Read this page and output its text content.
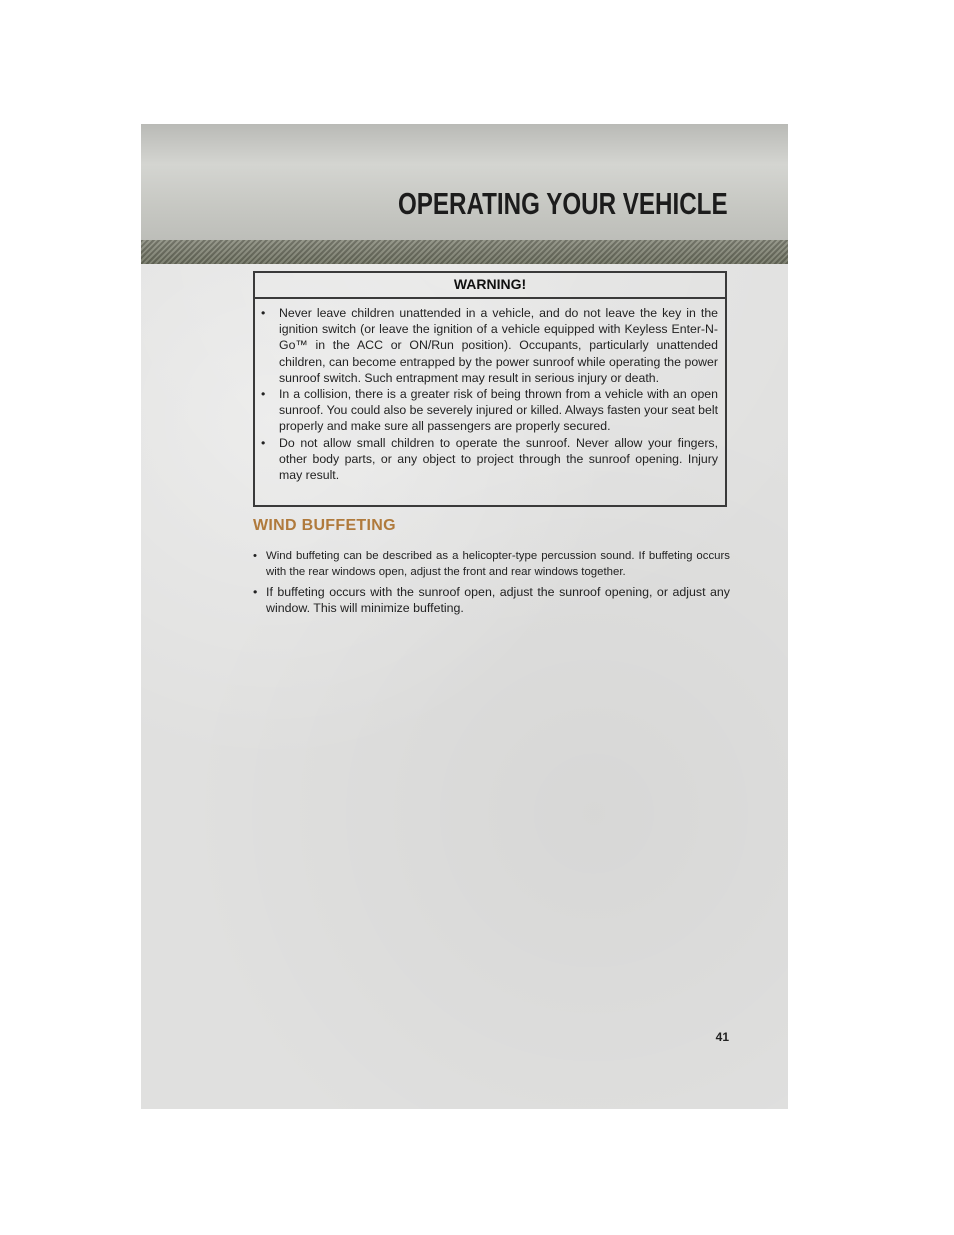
OPERATING YOUR VEHICLE
WARNING!
• Never leave children unattended in a vehicle, and do not leave the key in the ignition switch (or leave the ignition of a vehicle equipped with Keyless Enter-N-Go™ in the ACC or ON/Run position). Occupants, particularly unattended children, can become entrapped by the power sunroof while operating the power sunroof switch. Such entrapment may result in serious injury or death.
• In a collision, there is a greater risk of being thrown from a vehicle with an open sunroof. You could also be severely injured or killed. Always fasten your seat belt properly and make sure all passengers are properly secured.
• Do not allow small children to operate the sunroof. Never allow your fingers, other body parts, or any object to project through the sunroof opening. Injury may result.
WIND BUFFETING
• Wind buffeting can be described as a helicopter-type percussion sound. If buffeting occurs with the rear windows open, adjust the front and rear windows together.
• If buffeting occurs with the sunroof open, adjust the sunroof opening, or adjust any window. This will minimize buffeting.
41
